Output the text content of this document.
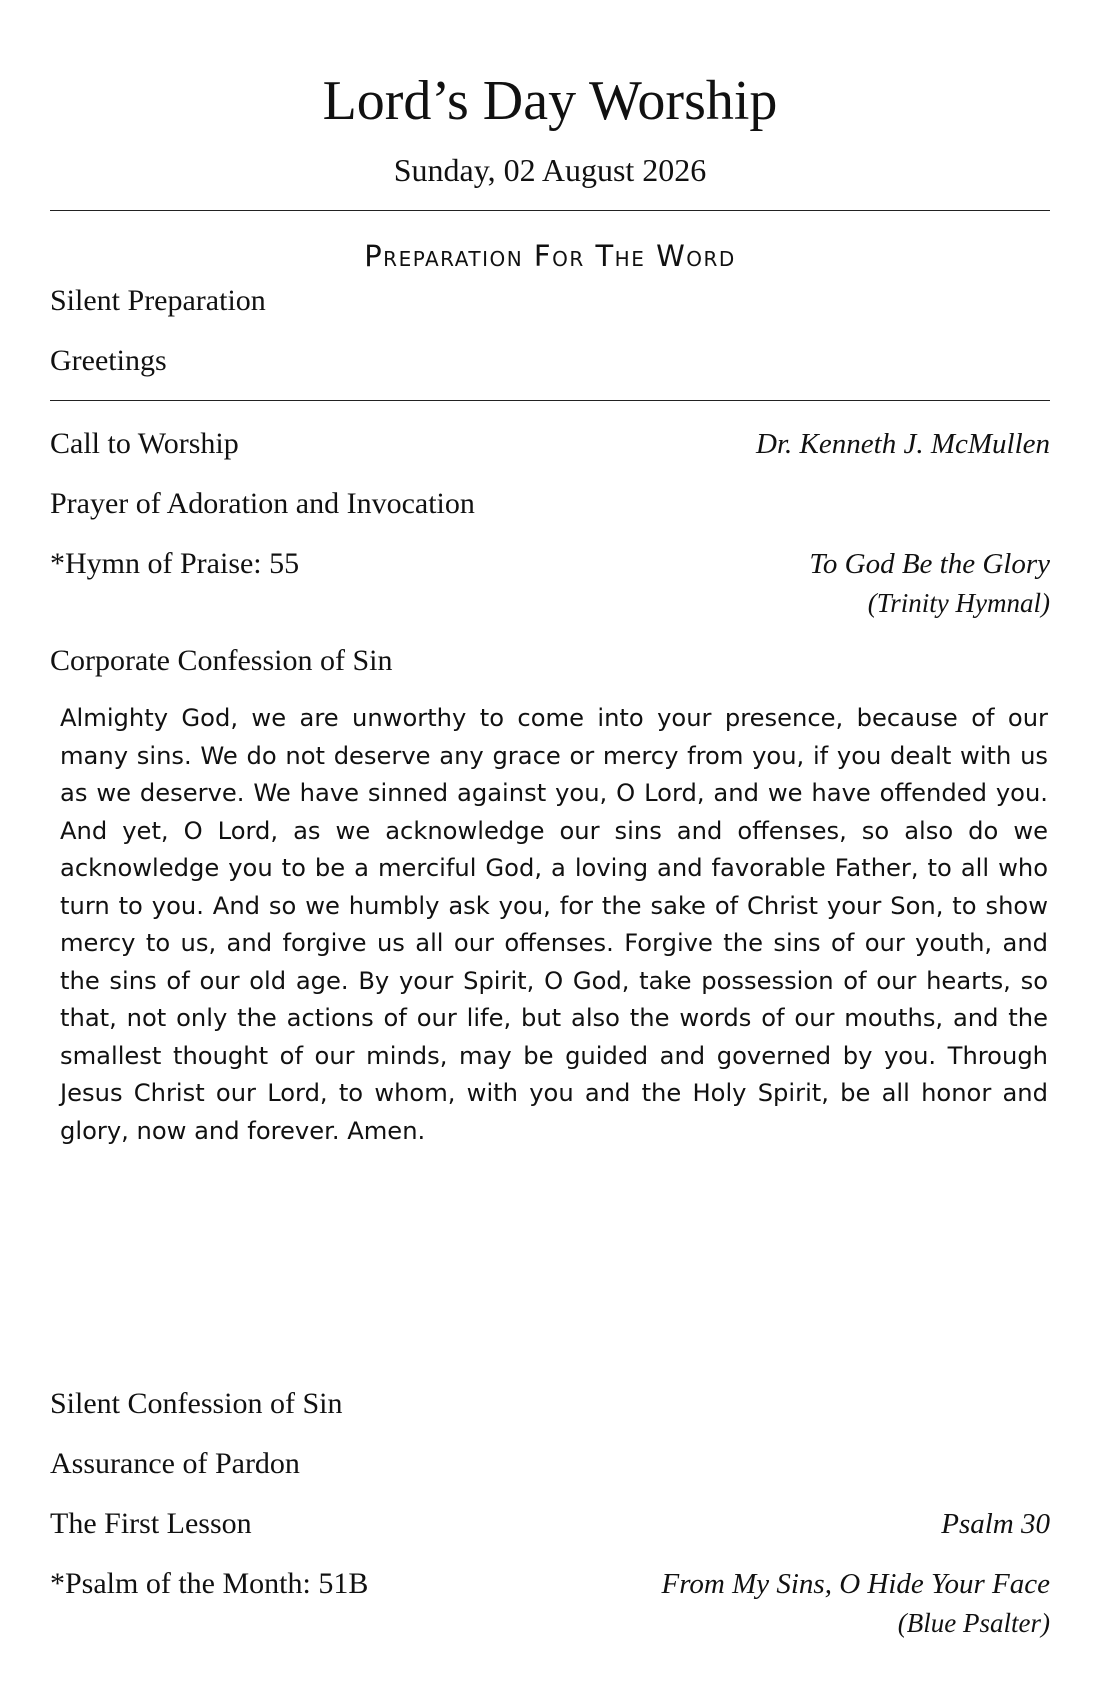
Lord’s Day Worship
Sunday, 02 August 2026
Preparation For The Word
Silent Preparation
Greetings
Call to Worship	Dr. Kenneth J. McMullen
Prayer of Adoration and Invocation
*Hymn of Praise: 55	To God Be the Glory
(Trinity Hymnal)
Corporate Confession of Sin

Almighty God, we are unworthy to come into your presence, because of our many sins. We do not deserve any grace or mercy from you, if you dealt with us as we deserve. We have sinned against you, O Lord, and we have offended you. And yet, O Lord, as we acknowledge our sins and offenses, so also do we acknowledge you to be a merciful God, a loving and favorable Father, to all who turn to you. And so we humbly ask you, for the sake of Christ your Son, to show mercy to us, and forgive us all our offenses. Forgive the sins of our youth, and the sins of our old age. By your Spirit, O God, take possession of our hearts, so that, not only the actions of our life, but also the words of our mouths, and the smallest thought of our minds, may be guided and governed by you. Through Jesus Christ our Lord, to whom, with you and the Holy Spirit, be all honor and glory, now and forever. Amen.

Silent Confession of Sin
Assurance of Pardon
The First Lesson	Psalm 30
*Psalm of the Month: 51B	From My Sins, O Hide Your Face
(Blue Psalter)
